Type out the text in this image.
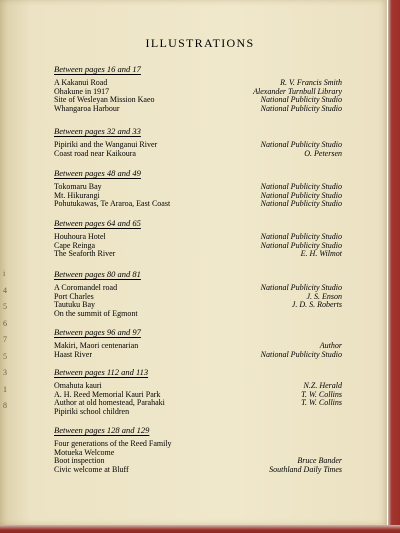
i
4
5
6
7
5
3
1
8
ILLUSTRATIONS
Between pages 16 and 17
A Kakanui Road	R. V. Francis Smith
Ohakune in 1917	Alexander Turnbull Library
Site of Wesleyan Mission Kaeo	National Publicity Studio
Whangaroa Harbour	National Publicity Studio
Between pages 32 and 33
Pipiriki and the Wanganui River	National Publicity Studio
Coast road near Kaikoura	O. Petersen
Between pages 48 and 49
Tokomaru Bay	National Publicity Studio
Mt. Hikurangi	National Publicity Studio
Pohutukawas, Te Araroa, East Coast	National Publicity Studio
Between pages 64 and 65
Houhoura Hotel	National Publicity Studio
Cape Reinga	National Publicity Studio
The Seaforth River	E. H. Wilmot
Between pages 80 and 81
A Coromandel road	National Publicity Studio
Port Charles	J. S. Enson
Tautuku Bay	J. D. S. Roberts
On the summit of Egmont
Between pages 96 and 97
Makiri, Maori centenarian	Author
Haast River	National Publicity Studio
Between pages 112 and 113
Omahuta kauri	N.Z. Herald
A. H. Reed Memorial Kauri Park	T. W. Collins
Author at old homestead, Parahaki	T. W. Collins
Pipiriki school children
Between pages 128 and 129
Four generations of the Reed Family
Motueka Welcome
Boot inspection	Bruce Bander
Civic welcome at Bluff	Southland Daily Times
